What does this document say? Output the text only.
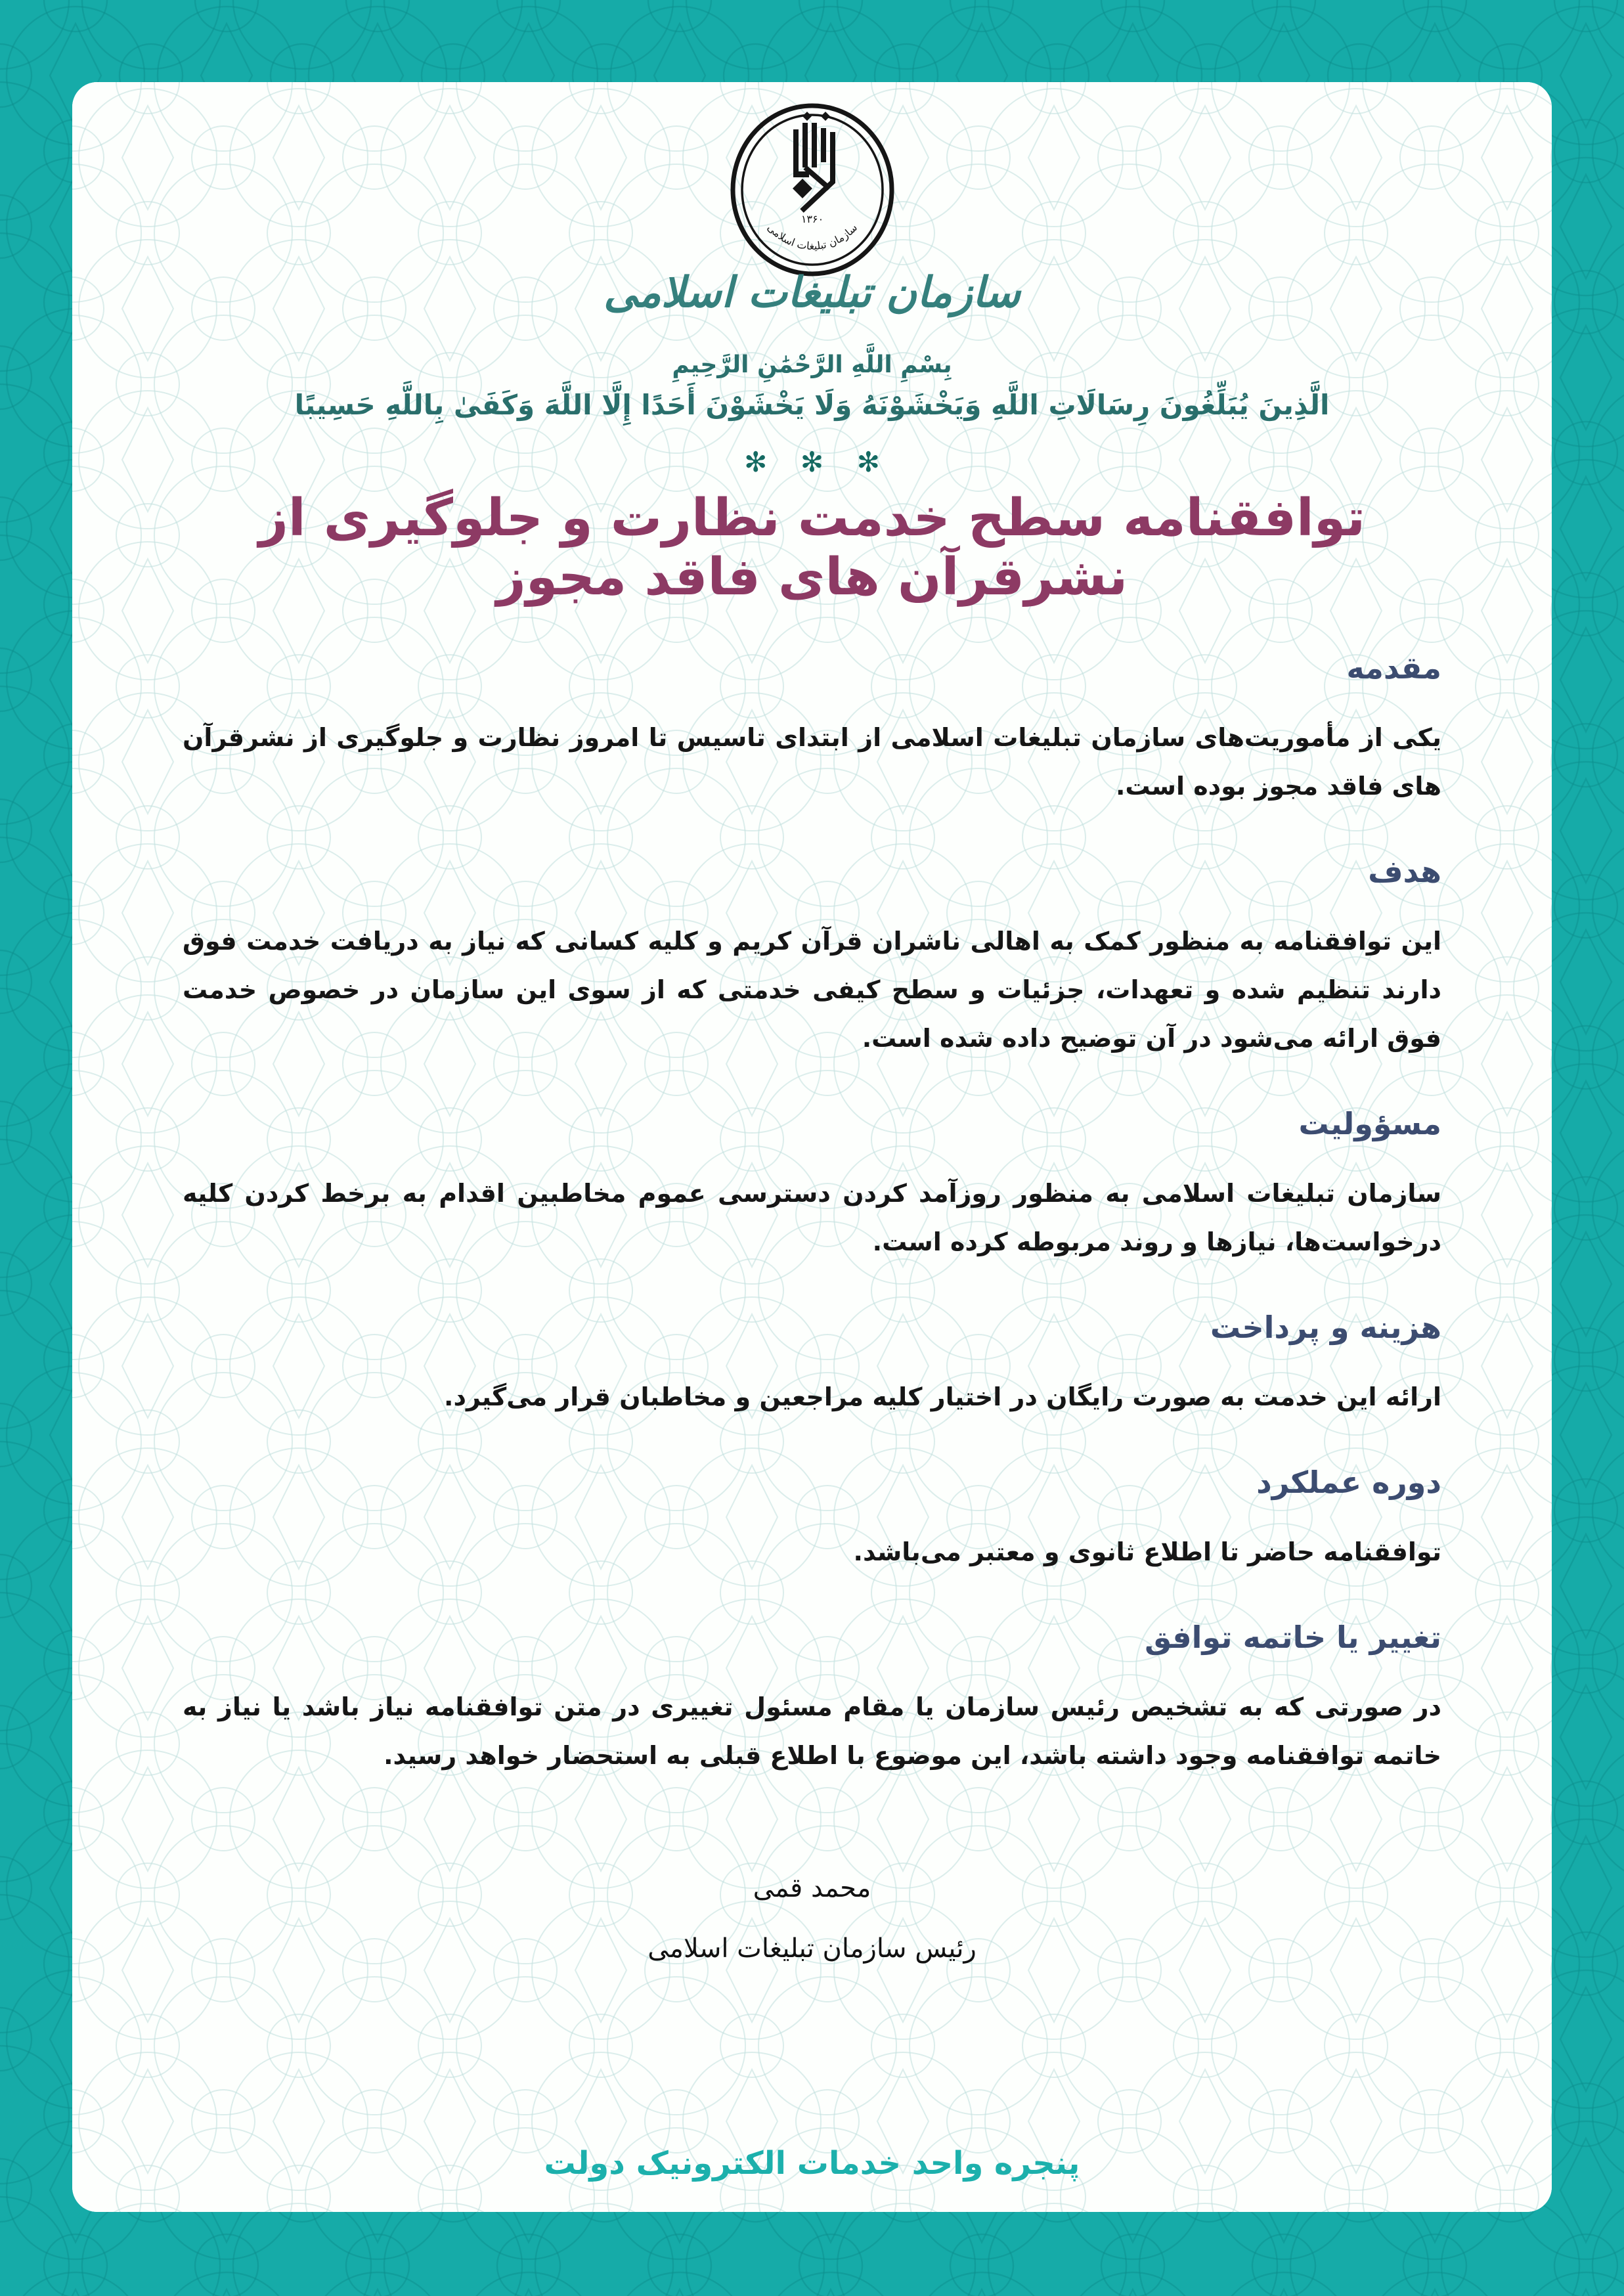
۱۳۶۰
سازمان تبلیغات اسلامی
سازمان تبلیغات اسلامی
بِسْمِ اللَّهِ الرَّحْمَٰنِ الرَّحِيمِ
الَّذِينَ يُبَلِّغُونَ رِسَالَاتِ اللَّهِ وَيَخْشَوْنَهُ وَلَا يَخْشَوْنَ أَحَدًا إِلَّا اللَّهَ وَكَفَىٰ بِاللَّهِ حَسِيبًا
✻ ✻ ✻
توافقنامه سطح خدمت نظارت و جلوگیری از نشرقرآن های فاقد مجوز
مقدمه

یکی از مأموریت‌های سازمان تبلیغات اسلامی از ابتدای تاسیس تا امروز نظارت و جلوگیری از نشرقرآن های فاقد مجوز بوده است.

هدف

این توافقنامه به منظور کمک به اهالی ناشران قرآن کریم و کلیه کسانی که نیاز به دریافت خدمت فوق دارند تنظیم شده و تعهدات، جزئیات و سطح کیفی خدمتی که از سوی این سازمان در خصوص خدمت فوق ارائه می‌شود در آن توضیح داده شده است.

مسؤولیت

سازمان تبلیغات اسلامی به منظور روزآمد کردن دسترسی عموم مخاطبین اقدام به برخط کردن کلیه درخواست‌ها، نیازها و روند مربوطه کرده است.

هزینه و پرداخت

ارائه این خدمت به صورت رایگان در اختیار کلیه مراجعین و مخاطبان قرار می‌گیرد.

دوره عملکرد

توافقنامه حاضر تا اطلاع ثانوی و معتبر می‌باشد.

تغییر یا خاتمه توافق

در صورتی که به تشخیص رئیس سازمان یا مقام مسئول تغییری در متن توافقنامه نیاز باشد یا نیاز به خاتمه توافقنامه وجود داشته باشد، این موضوع با اطلاع قبلی به استحضار خواهد رسید.

محمد قمی
رئیس سازمان تبلیغات اسلامی
پنجره واحد خدمات الکترونیک دولت
